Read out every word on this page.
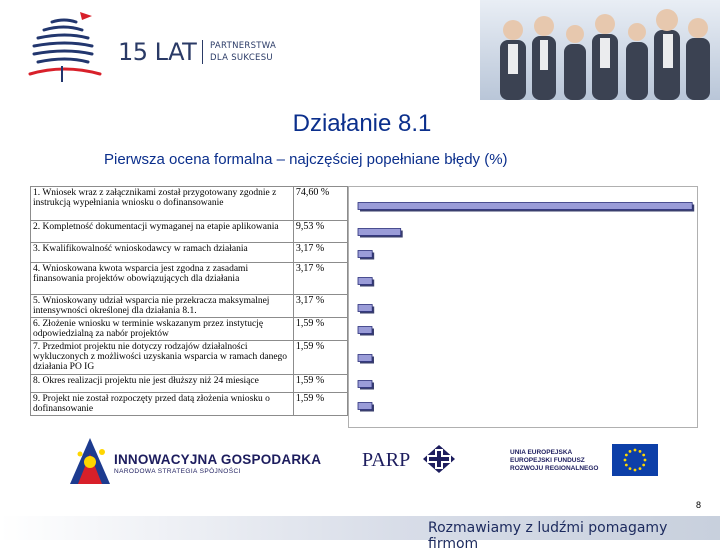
15 LAT PARTNERSTWA
DLA SUKCESU
Działanie 8.1
Pierwsza ocena formalna – najczęściej popełniane błędy (%)
1. Wniosek wraz z załącznikami został przygotowany zgodnie z instrukcją wypełniania wniosku o dofinansowanie	74,60 %
2. Kompletność dokumentacji wymaganej na etapie aplikowania	9,53 %
3. Kwalifikowalność wnioskodawcy w ramach działania	3,17 %
4. Wnioskowana kwota wsparcia jest zgodna z zasadami finansowania projektów obowiązujących dla działania	3,17 %
5. Wnioskowany udział wsparcia nie przekracza maksymalnej intensywności określonej dla działania 8.1.	3,17 %
6. Złożenie wniosku w terminie wskazanym przez instytucję odpowiedzialną za nabór projektów	1,59 %
7. Przedmiot projektu nie dotyczy rodzajów działalności wykluczonych z możliwości uzyskania wsparcia w ramach danego działania PO IG	1,59 %
8. Okres realizacji projektu nie jest dłuższy niż 24 miesiące	1,59 %
9. Projekt nie został rozpoczęty przed datą złożenia wniosku o dofinansowanie	1,59 %
INNOWACYJNA GOSPODARKA
NARODOWA STRATEGIA SPÓJNOŚCI
PARP	UNIA EUROPEJSKA
EUROPEJSKI FUNDUSZ
ROZWOJU REGIONALNEGO
8
Rozmawiamy z ludźmi pomagamy firmom
